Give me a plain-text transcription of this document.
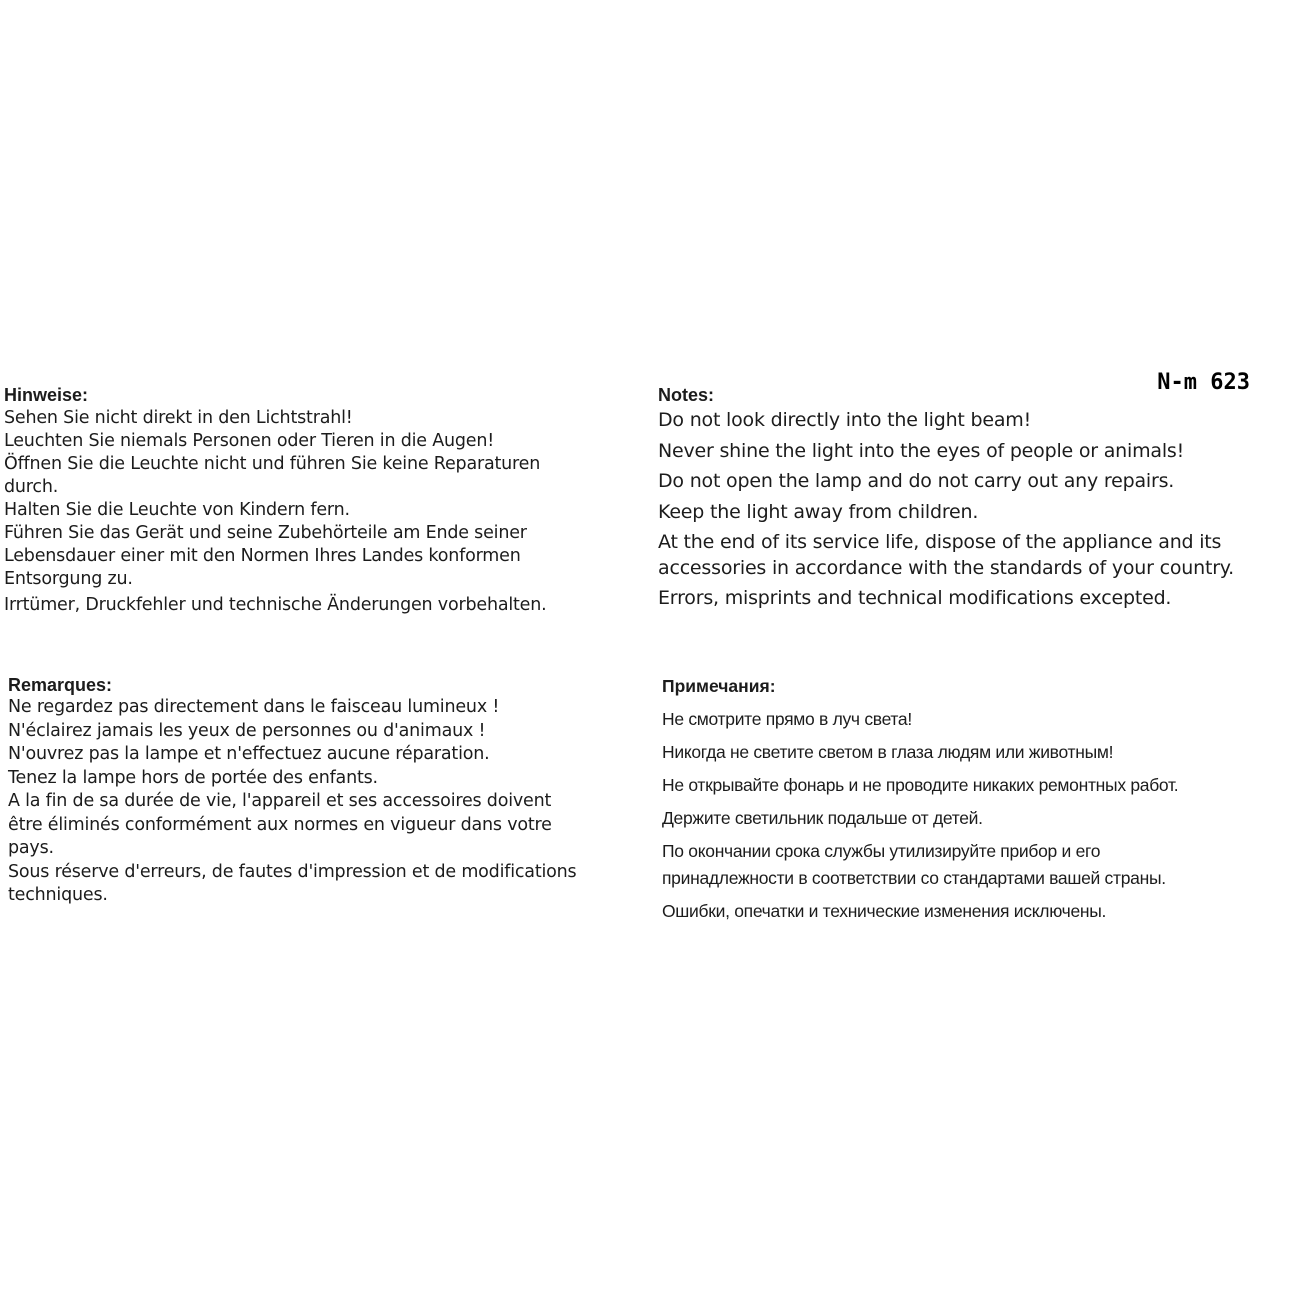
N-m 623
Hinweise:
Sehen Sie nicht direkt in den Lichtstrahl!
Leuchten Sie niemals Personen oder Tieren in die Augen!
Öffnen Sie die Leuchte nicht und führen Sie keine Reparaturen
durch.
Halten Sie die Leuchte von Kindern fern.
Führen Sie das Gerät und seine Zubehörteile am Ende seiner
Lebensdauer einer mit den Normen Ihres Landes konformen
Entsorgung zu.
Irrtümer, Druckfehler und technische Änderungen vorbehalten.
Notes:
Do not look directly into the light beam!
Never shine the light into the eyes of people or animals!
Do not open the lamp and do not carry out any repairs.
Keep the light away from children.
At the end of its service life, dispose of the appliance and its
accessories in accordance with the standards of your country.
Errors, misprints and technical modifications excepted.
Remarques:
Ne regardez pas directement dans le faisceau lumineux !
N'éclairez jamais les yeux de personnes ou d'animaux !
N'ouvrez pas la lampe et n'effectuez aucune réparation.
Tenez la lampe hors de portée des enfants.
A la fin de sa durée de vie, l'appareil et ses accessoires doivent
être éliminés conformément aux normes en vigueur dans votre
pays.
Sous réserve d'erreurs, de fautes d'impression et de modifications
techniques.
Примечания:
Не смотрите прямо в луч света!
Никогда не светите светом в глаза людям или животным!
Не открывайте фонарь и не проводите никаких ремонтных работ.
Держите светильник подальше от детей.
По окончании срока службы утилизируйте прибор и его
принадлежности в соответствии со стандартами вашей страны.
Ошибки, опечатки и технические изменения исключены.
